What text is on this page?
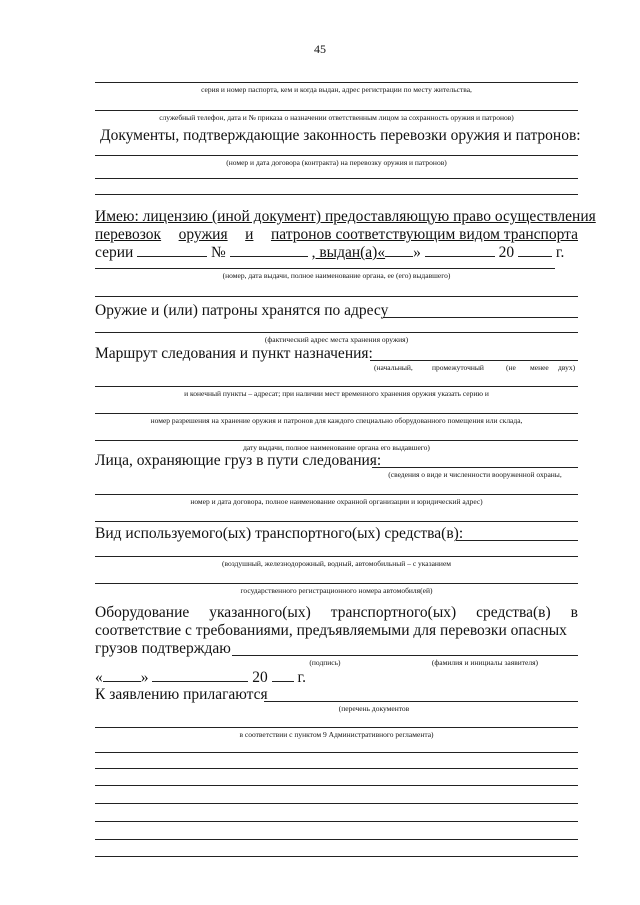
45
серия и номер паспорта, кем и когда выдан, адрес регистрации по месту жительства,
служебный телефон, дата и № приказа о назначении ответственным лицом за сохранность оружия и патронов)
Документы, подтверждающие законность перевозки оружия и патронов:
(номер и дата договора (контракта) на перевозку оружия и патронов)
Имею: лицензию (иной документ) предоставляющую право осуществления
перевозок оружия и патронов соответствующим видом транспорта
серии	№	, выдан(а)« »	20	г.
(номер, дата выдачи, полное наименование органа, ее (его) выдавшего)
Оружие и (или) патроны хранятся по адресу
(фактический адрес места хранения оружия)
Маршрут следования и пункт назначения:
(начальный,	промежуточный	(не	менее	двух)
и конечный пункты – адресат; при наличии мест временного хранения оружия указать серию и
номер разрешения на хранение оружия и патронов для каждого специально оборудованного помещения или склада,
дату выдачи, полное наименование органа его выдавшего)
Лица, охраняющие груз в пути следования:
(сведения о виде и численности вооруженной охраны,
номер и дата договора, полное наименование охранной организации и юридический адрес)
Вид используемого(ых) транспортного(ых) средства(в):
(воздушный, железнодорожный, водный, автомобильный – с указанием
государственного регистрационного номера автомобиля(ей)
Оборудование указанного(ых) транспортного(ых) средства(в) в
соответствие с требованиями, предъявляемыми для перевозки опасных
грузов подтверждаю
(подпись)	(фамилия и инициалы заявителя)
« »	20 г.
К заявлению прилагаются
(перечень документов
в соответствии с пунктом 9 Административного регламента)
